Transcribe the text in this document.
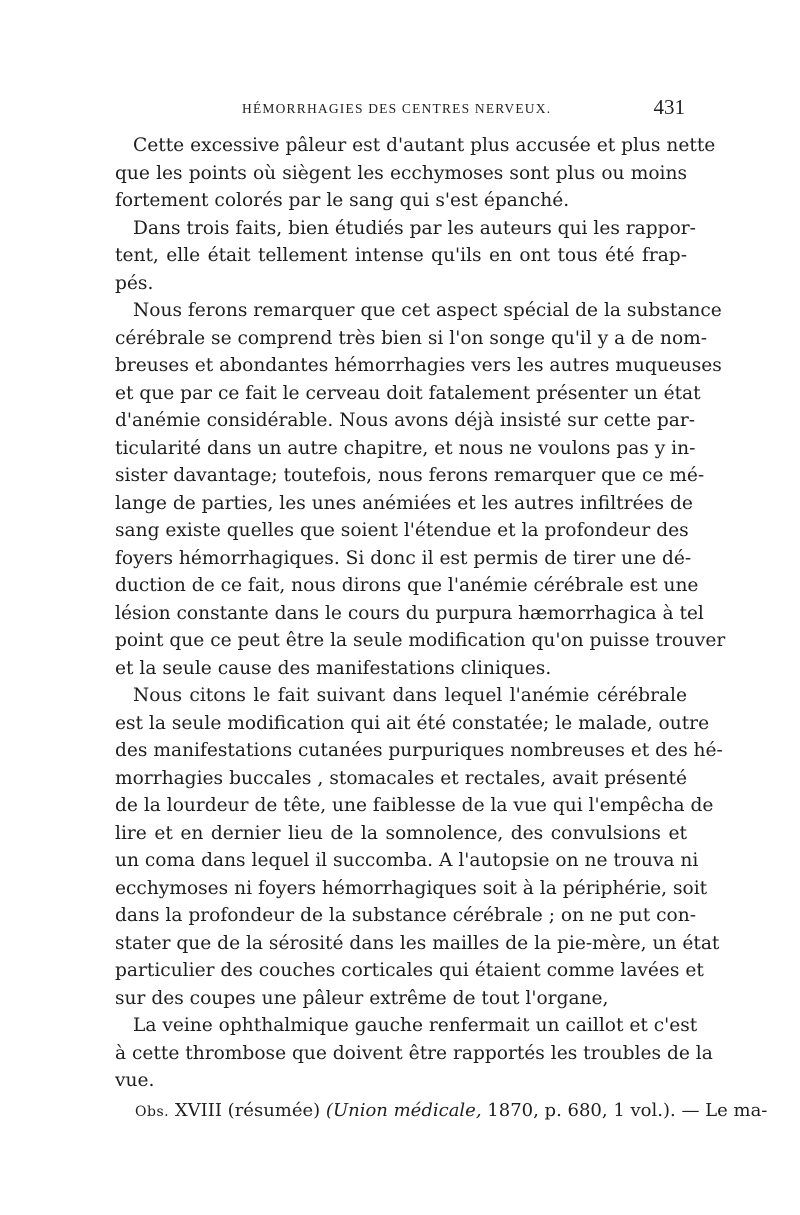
HÉMORRHAGIES DES CENTRES NERVEUX.	431

Cette excessive pâleur est d'autant plus accusée et plus nette
que les points où siègent les ecchymoses sont plus ou moins
fortement colorés par le sang qui s'est épanché.

Dans trois faits, bien étudiés par les auteurs qui les rappor-
tent, elle était tellement intense qu'ils en ont tous été frap-
pés.

Nous ferons remarquer que cet aspect spécial de la substance
cérébrale se comprend très bien si l'on songe qu'il y a de nom-
breuses et abondantes hémorrhagies vers les autres muqueuses
et que par ce fait le cerveau doit fatalement présenter un état
d'anémie considérable. Nous avons déjà insisté sur cette par-
ticularité dans un autre chapitre, et nous ne voulons pas y in-
sister davantage; toutefois, nous ferons remarquer que ce mé-
lange de parties, les unes anémiées et les autres infiltrées de
sang existe quelles que soient l'étendue et la profondeur des
foyers hémorrhagiques. Si donc il est permis de tirer une dé-
duction de ce fait, nous dirons que l'anémie cérébrale est une
lésion constante dans le cours du purpura hæmorrhagica à tel
point que ce peut être la seule modification qu'on puisse trouver
et la seule cause des manifestations cliniques.

Nous citons le fait suivant dans lequel l'anémie cérébrale
est la seule modification qui ait été constatée; le malade, outre
des manifestations cutanées purpuriques nombreuses et des hé-
morrhagies buccales , stomacales et rectales, avait présenté
de la lourdeur de tête, une faiblesse de la vue qui l'empêcha de
lire et en dernier lieu de la somnolence, des convulsions et
un coma dans lequel il succomba. A l'autopsie on ne trouva ni
ecchymoses ni foyers hémorrhagiques soit à la périphérie, soit
dans la profondeur de la substance cérébrale ; on ne put con-
stater que de la sérosité dans les mailles de la pie-mère, un état
particulier des couches corticales qui étaient comme lavées et
sur des coupes une pâleur extrême de tout l'organe,

La veine ophthalmique gauche renfermait un caillot et c'est
à cette thrombose que doivent être rapportés les troubles de la
vue.

Obs. XVIII (résumée) (Union médicale, 1870, p. 680, 1 vol.). — Le ma-
